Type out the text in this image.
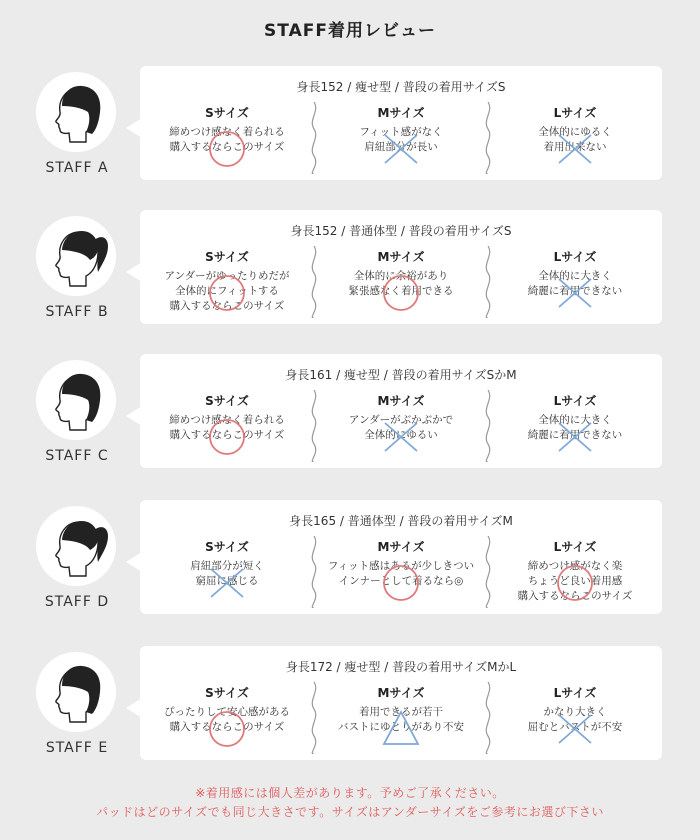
STAFF着用レビュー
STAFF A
身長152 / 痩せ型 / 普段の着用サイズS
Sサイズ
締めつけ感なく着られる
購入するならこのサイズ
Mサイズ
フィット感がなく
肩紐部分が長い
Lサイズ
全体的にゆるく
着用出来ない
STAFF B
身長152 / 普通体型 / 普段の着用サイズS
Sサイズ
アンダーがゆったりめだが
全体的にフィットする
購入するならこのサイズ
Mサイズ
全体的に余裕があり
緊張感なく着用できる
Lサイズ
全体的に大きく
綺麗に着用できない
STAFF C
身長161 / 痩せ型 / 普段の着用サイズSかM
Sサイズ
締めつけ感なく着られる
購入するならこのサイズ
Mサイズ
アンダーがぶかぶかで
全体的にゆるい
Lサイズ
全体的に大きく
綺麗に着用できない
STAFF D
身長165 / 普通体型 / 普段の着用サイズM
Sサイズ
肩紐部分が短く
窮屈に感じる
Mサイズ
フィット感はあるが少しきつい
インナーとして着るなら◎
Lサイズ
締めつけ感がなく楽
ちょうど良い着用感
購入するならこのサイズ
STAFF E
身長172 / 痩せ型 / 普段の着用サイズMかL
Sサイズ
ぴったりして安心感がある
購入するならこのサイズ
Mサイズ
着用できるが若干
バストにゆとりがあり不安
Lサイズ
かなり大きく
屈むとバストが不安
※着用感には個人差があります。予めご了承ください。
パッドはどのサイズでも同じ大きさです。サイズはアンダーサイズをご参考にお選び下さい
